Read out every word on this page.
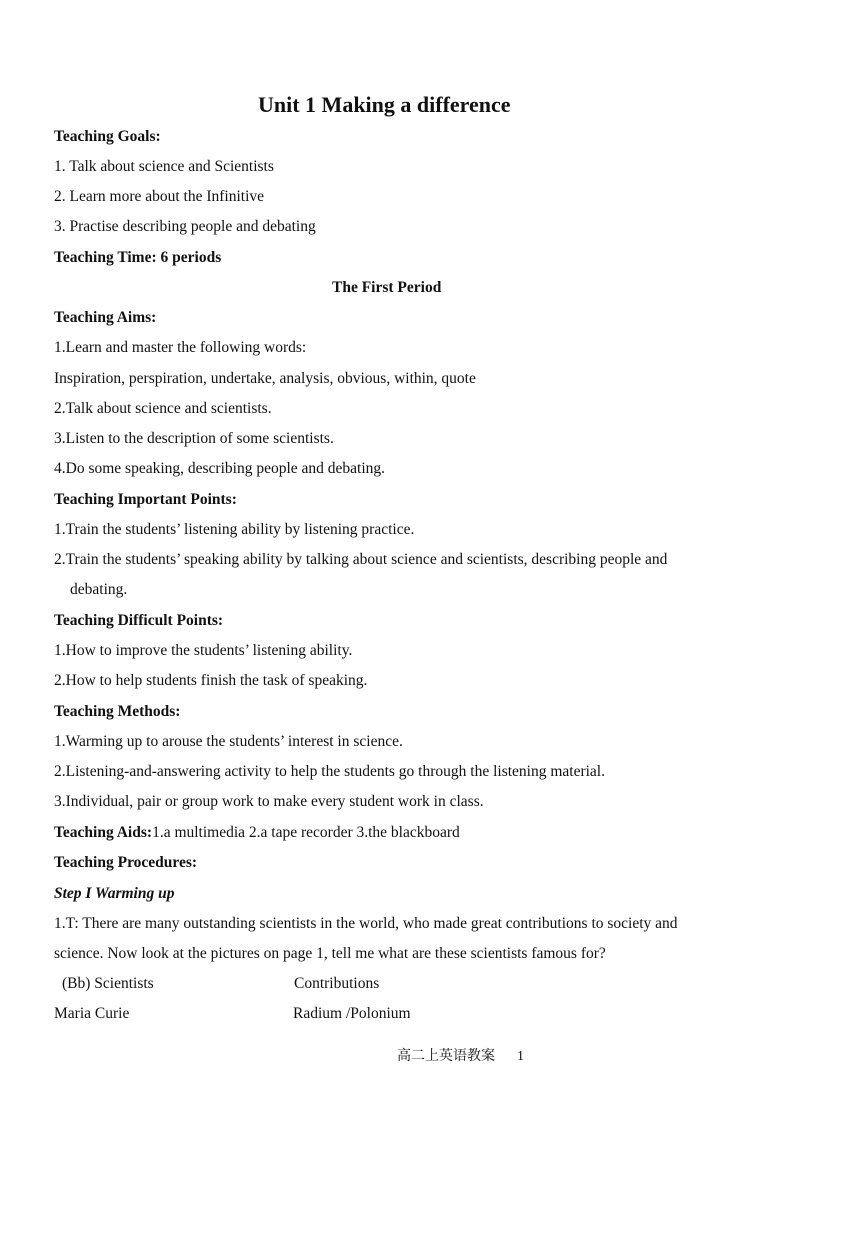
Unit 1 Making a difference
Teaching Goals:
1. Talk about science and Scientists
2. Learn more about the Infinitive
3. Practise describing people and debating
Teaching Time: 6 periods
The First Period
Teaching Aims:
1.Learn and master the following words:
Inspiration, perspiration, undertake, analysis, obvious, within, quote
2.Talk about science and scientists.
3.Listen to the description of some scientists.
4.Do some speaking, describing people and debating.
Teaching Important Points:
1.Train the students’ listening ability by listening practice.
2.Train the students’ speaking ability by talking about science and scientists, describing people and
debating.
Teaching Difficult Points:
1.How to improve the students’ listening ability.
2.How to help students finish the task of speaking.
Teaching Methods:
1.Warming up to arouse the students’ interest in science.
2.Listening-and-answering activity to help the students go through the listening material.
3.Individual, pair or group work to make every student work in class.
Teaching Aids:1.a multimedia 2.a tape recorder 3.the blackboard
Teaching Procedures:
Step I Warming up
1.T: There are many outstanding scientists in the world, who made great contributions to society and
science. Now look at the pictures on page 1, tell me what are these scientists famous for?
(Bb) Scientists	Contributions
Maria Curie	Radium /Polonium
高二上英语教案 1
